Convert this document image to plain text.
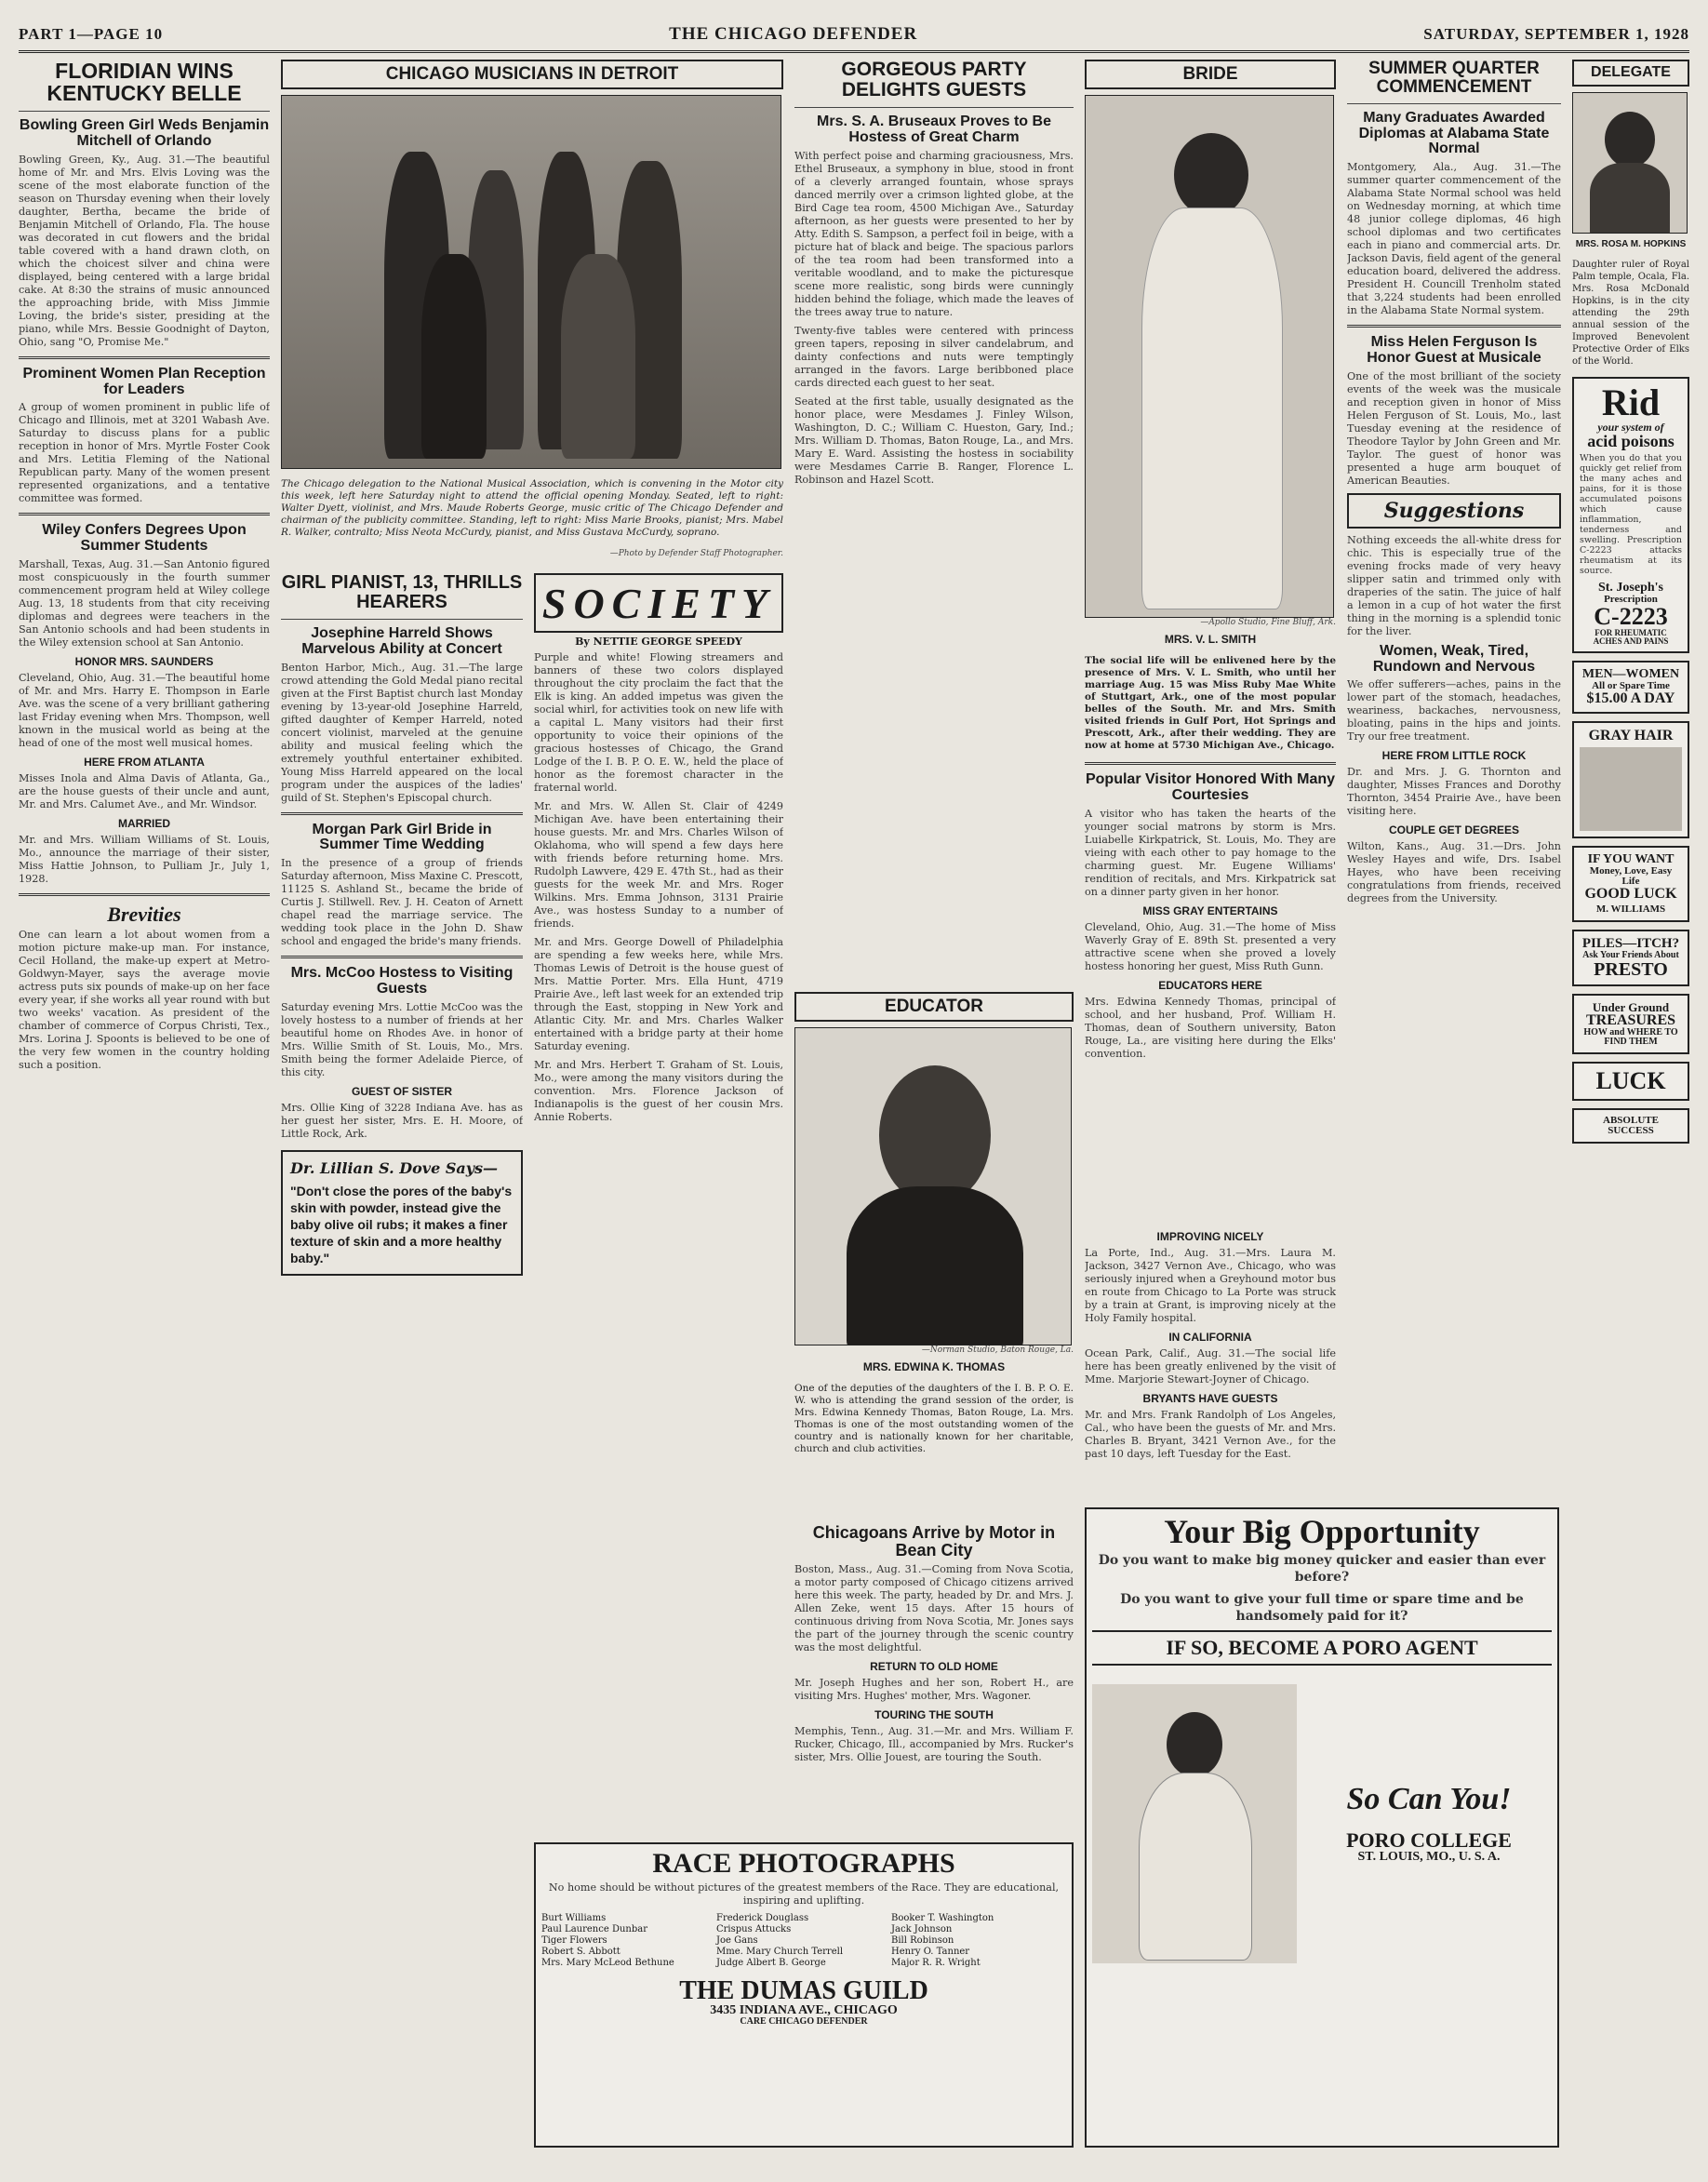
PART 1—PAGE 10	THE CHICAGO DEFENDER	SATURDAY, SEPTEMBER 1, 1928
FLORIDIAN WINS KENTUCKY BELLE
Bowling Green Girl Weds Benjamin Mitchell of Orlando

Bowling Green, Ky., Aug. 31.—The beautiful home of Mr. and Mrs. Elvis Loving was the scene of the most elaborate function of the season on Thursday evening when their lovely daughter, Bertha, became the bride of Benjamin Mitchell of Orlando, Fla. The house was decorated in cut flowers and the bridal table covered with a hand drawn cloth, on which the choicest silver and china were displayed, being centered with a large bridal cake. At 8:30 the strains of music announced the approaching bride, with Miss Jimmie Loving, the bride's sister, presiding at the piano, while Mrs. Bessie Goodnight of Dayton, Ohio, sang "O, Promise Me."

Prominent Women Plan Reception for Leaders

A group of women prominent in public life of Chicago and Illinois, met at 3201 Wabash Ave. Saturday to discuss plans for a public reception in honor of Mrs. Myrtle Foster Cook and Mrs. Letitia Fleming of the National Republican party. Many of the women present represented organizations, and a tentative committee was formed.

Wiley Confers Degrees Upon Summer Students

Marshall, Texas, Aug. 31.—San Antonio figured most conspicuously in the fourth summer commencement program held at Wiley college Aug. 13, 18 students from that city receiving diplomas and degrees were teachers in the San Antonio schools and had been students in the Wiley extension school at San Antonio.

HONOR MRS. SAUNDERS

Cleveland, Ohio, Aug. 31.—The beautiful home of Mr. and Mrs. Harry E. Thompson in Earle Ave. was the scene of a very brilliant gathering last Friday evening when Mrs. Thompson, well known in the musical world as being at the head of one of the most well musical homes.

HERE FROM ATLANTA

Misses Inola and Alma Davis of Atlanta, Ga., are the house guests of their uncle and aunt, Mr. and Mrs. Calumet Ave., and Mr. Windsor.

MARRIED

Mr. and Mrs. William Williams of St. Louis, Mo., announce the marriage of their sister, Miss Hattie Johnson, to Pulliam Jr., July 1, 1928.

Brevities

One can learn a lot about women from a motion picture make-up man. For instance, Cecil Holland, the make-up expert at Metro-Goldwyn-Mayer, says the average movie actress puts six pounds of make-up on her face every year, if she works all year round with but two weeks' vacation. As president of the chamber of commerce of Corpus Christi, Tex., Mrs. Lorina J. Spoonts is believed to be one of the very few women in the country holding such a position.

CHICAGO MUSICIANS IN DETROIT

The Chicago delegation to the National Musical Association, which is convening in the Motor city this week, left here Saturday night to attend the official opening Monday. Seated, left to right: Walter Dyett, violinist, and Mrs. Maude Roberts George, music critic of The Chicago Defender and chairman of the publicity committee. Standing, left to right: Miss Marie Brooks, pianist; Mrs. Mabel R. Walker, contralto; Miss Neota McCurdy, pianist, and Miss Gustava McCurdy, soprano.

—Photo by Defender Staff Photographer.
GIRL PIANIST, 13, THRILLS HEARERS
Josephine Harreld Shows Marvelous Ability at Concert

Benton Harbor, Mich., Aug. 31.—The large crowd attending the Gold Medal piano recital given at the First Baptist church last Monday evening by 13-year-old Josephine Harreld, gifted daughter of Kemper Harreld, noted concert violinist, marveled at the genuine ability and musical feeling which the extremely youthful entertainer exhibited. Young Miss Harreld appeared on the local program under the auspices of the ladies' guild of St. Stephen's Episcopal church.

Morgan Park Girl Bride in Summer Time Wedding

In the presence of a group of friends Saturday afternoon, Miss Maxine C. Prescott, 11125 S. Ashland St., became the bride of Curtis J. Stillwell. Rev. J. H. Ceaton of Arnett chapel read the marriage service. The wedding took place in the John D. Shaw school and engaged the bride's many friends.

Mrs. McCoo Hostess to Visiting Guests

Saturday evening Mrs. Lottie McCoo was the lovely hostess to a number of friends at her beautiful home on Rhodes Ave. in honor of Mrs. Willie Smith of St. Louis, Mo., Mrs. Smith being the former Adelaide Pierce, of this city.

GUEST OF SISTER

Mrs. Ollie King of 3228 Indiana Ave. has as her guest her sister, Mrs. E. H. Moore, of Little Rock, Ark.

Dr. Lillian S. Dove Says—
"Don't close the pores of the baby's skin with powder, instead give the baby olive oil rubs; it makes a finer texture of skin and a more healthy baby."
SOCIETY
By NETTIE GEORGE SPEEDY

Purple and white! Flowing streamers and banners of these two colors displayed throughout the city proclaim the fact that the Elk is king. An added impetus was given the social whirl, for activities took on new life with a capital L. Many visitors had their first opportunity to voice their opinions of the gracious hostesses of Chicago, the Grand Lodge of the I. B. P. O. E. W., held the place of honor as the foremost character in the fraternal world.

Mr. and Mrs. W. Allen St. Clair of 4249 Michigan Ave. have been entertaining their house guests. Mr. and Mrs. Charles Wilson of Oklahoma, who will spend a few days here with friends before returning home. Mrs. Rudolph Lawvere, 429 E. 47th St., had as their guests for the week Mr. and Mrs. Roger Wilkins. Mrs. Emma Johnson, 3131 Prairie Ave., was hostess Sunday to a number of friends.

Mr. and Mrs. George Dowell of Philadelphia are spending a few weeks here, while Mrs. Thomas Lewis of Detroit is the house guest of Mrs. Mattie Porter. Mrs. Ella Hunt, 4719 Prairie Ave., left last week for an extended trip through the East, stopping in New York and Atlantic City. Mr. and Mrs. Charles Walker entertained with a bridge party at their home Saturday evening.

Mr. and Mrs. Herbert T. Graham of St. Louis, Mo., were among the many visitors during the convention. Mrs. Florence Jackson of Indianapolis is the guest of her cousin Mrs. Annie Roberts.

GORGEOUS PARTY DELIGHTS GUESTS
Mrs. S. A. Bruseaux Proves to Be Hostess of Great Charm

With perfect poise and charming graciousness, Mrs. Ethel Bruseaux, a symphony in blue, stood in front of a cleverly arranged fountain, whose sprays danced merrily over a crimson lighted globe, at the Bird Cage tea room, 4500 Michigan Ave., Saturday afternoon, as her guests were presented to her by Atty. Edith S. Sampson, a perfect foil in beige, with a picture hat of black and beige. The spacious parlors of the tea room had been transformed into a veritable woodland, and to make the picturesque scene more realistic, song birds were cunningly hidden behind the foliage, which made the leaves of the trees away true to nature.

Twenty-five tables were centered with princess green tapers, reposing in silver candelabrum, and dainty confections and nuts were temptingly arranged in the favors. Large beribboned place cards directed each guest to her seat.

Seated at the first table, usually designated as the honor place, were Mesdames J. Finley Wilson, Washington, D. C.; William C. Hueston, Gary, Ind.; Mrs. William D. Thomas, Baton Rouge, La., and Mrs. Mary E. Ward. Assisting the hostess in sociability were Mesdames Carrie B. Ranger, Florence L. Robinson and Hazel Scott.

EDUCATOR
—Norman Studio, Baton Rouge, La.
MRS. EDWINA K. THOMAS

One of the deputies of the daughters of the I. B. P. O. E. W. who is attending the grand session of the order, is Mrs. Edwina Kennedy Thomas, Baton Rouge, La. Mrs. Thomas is one of the most outstanding women of the country and is nationally known for her charitable, church and club activities.

Chicagoans Arrive by Motor in Bean City

Boston, Mass., Aug. 31.—Coming from Nova Scotia, a motor party composed of Chicago citizens arrived here this week. The party, headed by Dr. and Mrs. J. Allen Zeke, went 15 days. After 15 hours of continuous driving from Nova Scotia, Mr. Jones says the part of the journey through the scenic country was the most delightful.

RETURN TO OLD HOME

Mr. Joseph Hughes and her son, Robert H., are visiting Mrs. Hughes' mother, Mrs. Wagoner.

TOURING THE SOUTH

Memphis, Tenn., Aug. 31.—Mr. and Mrs. William F. Rucker, Chicago, Ill., accompanied by Mrs. Rucker's sister, Mrs. Ollie Jouest, are touring the South.

BRIDE
—Apollo Studio, Fine Bluff, Ark.
MRS. V. L. SMITH

The social life will be enlivened here by the presence of Mrs. V. L. Smith, who until her marriage Aug. 15 was Miss Ruby Mae White of Stuttgart, Ark., one of the most popular belles of the South. Mr. and Mrs. Smith visited friends in Gulf Port, Hot Springs and Prescott, Ark., after their wedding. They are now at home at 5730 Michigan Ave., Chicago.

Popular Visitor Honored With Many Courtesies

A visitor who has taken the hearts of the younger social matrons by storm is Mrs. Luiabelle Kirkpatrick, St. Louis, Mo. They are vieing with each other to pay homage to the charming guest. Mr. Eugene Williams' rendition of recitals, and Mrs. Kirkpatrick sat on a dinner party given in her honor.

MISS GRAY ENTERTAINS

Cleveland, Ohio, Aug. 31.—The home of Miss Waverly Gray of E. 89th St. presented a very attractive scene when she proved a lovely hostess honoring her guest, Miss Ruth Gunn.

EDUCATORS HERE

Mrs. Edwina Kennedy Thomas, principal of school, and her husband, Prof. William H. Thomas, dean of Southern university, Baton Rouge, La., are visiting here during the Elks' convention.

IMPROVING NICELY

La Porte, Ind., Aug. 31.—Mrs. Laura M. Jackson, 3427 Vernon Ave., Chicago, who was seriously injured when a Greyhound motor bus en route from Chicago to La Porte was struck by a train at Grant, is improving nicely at the Holy Family hospital.

IN CALIFORNIA

Ocean Park, Calif., Aug. 31.—The social life here has been greatly enlivened by the visit of Mme. Marjorie Stewart-Joyner of Chicago.

BRYANTS HAVE GUESTS

Mr. and Mrs. Frank Randolph of Los Angeles, Cal., who have been the guests of Mr. and Mrs. Charles B. Bryant, 3421 Vernon Ave., for the past 10 days, left Tuesday for the East.

SUMMER QUARTER COMMENCEMENT
Many Graduates Awarded Diplomas at Alabama State Normal

Montgomery, Ala., Aug. 31.—The summer quarter commencement of the Alabama State Normal school was held on Wednesday morning, at which time 48 junior college diplomas, 46 high school diplomas and two certificates each in piano and commercial arts. Dr. Jackson Davis, field agent of the general education board, delivered the address. President H. Councill Trenholm stated that 3,224 students had been enrolled in the Alabama State Normal system.

Miss Helen Ferguson Is Honor Guest at Musicale

One of the most brilliant of the society events of the week was the musicale and reception given in honor of Miss Helen Ferguson of St. Louis, Mo., last Tuesday evening at the residence of Theodore Taylor by John Green and Mr. Taylor. The guest of honor was presented a huge arm bouquet of American Beauties.

Suggestions

Nothing exceeds the all-white dress for chic. This is especially true of the evening frocks made of very heavy slipper satin and trimmed only with draperies of the satin. The juice of half a lemon in a cup of hot water the first thing in the morning is a splendid tonic for the liver.

Women, Weak, Tired, Rundown and Nervous

We offer sufferers—aches, pains in the lower part of the stomach, headaches, weariness, backaches, nervousness, bloating, pains in the hips and joints. Try our free treatment.

HERE FROM LITTLE ROCK

Dr. and Mrs. J. G. Thornton and daughter, Misses Frances and Dorothy Thornton, 3454 Prairie Ave., have been visiting here.

COUPLE GET DEGREES

Wilton, Kans., Aug. 31.—Drs. John Wesley Hayes and wife, Drs. Isabel Hayes, who have been receiving congratulations from friends, received degrees from the University.

DELEGATE
MRS. ROSA M. HOPKINS

Daughter ruler of Royal Palm temple, Ocala, Fla. Mrs. Rosa McDonald Hopkins, is in the city attending the 29th annual session of the Improved Benevolent Protective Order of Elks of the World.

Rid
your system of
acid poisons

When you do that you quickly get relief from the many aches and pains, for it is those accumulated poisons which cause inflammation, tenderness and swelling. Prescription C-2223 attacks rheumatism at its source.

St. Joseph's
Prescription
C-2223
FOR RHEUMATIC ACHES AND PAINS
MEN—WOMEN
All or Spare Time
$15.00 A DAY
GRAY HAIR
IF YOU WANT
Money, Love, Easy Life
GOOD LUCK
M. WILLIAMS
PILES—ITCH?
Ask Your Friends About
PRESTO
Under Ground
TREASURES
HOW and WHERE TO FIND THEM
LUCK
ABSOLUTE SUCCESS
RACE PHOTOGRAPHS

No home should be without pictures of the greatest members of the Race. They are educational, inspiring and uplifting.

Burt Williams	Frederick Douglass	Booker T. Washington
Paul Laurence Dunbar	Crispus Attucks	Jack Johnson
Tiger Flowers	Joe Gans	Bill Robinson
Robert S. Abbott	Mme. Mary Church Terrell	Henry O. Tanner
Mrs. Mary McLeod Bethune	Judge Albert B. George	Major R. R. Wright
THE DUMAS GUILD
3435 INDIANA AVE., CHICAGO
CARE CHICAGO DEFENDER
Your Big Opportunity

Do you want to make big money quicker and easier than ever before?

Do you want to give your full time or spare time and be handsomely paid for it?

IF SO, BECOME A PORO AGENT
So Can You!
PORO COLLEGE
ST. LOUIS, MO., U. S. A.
